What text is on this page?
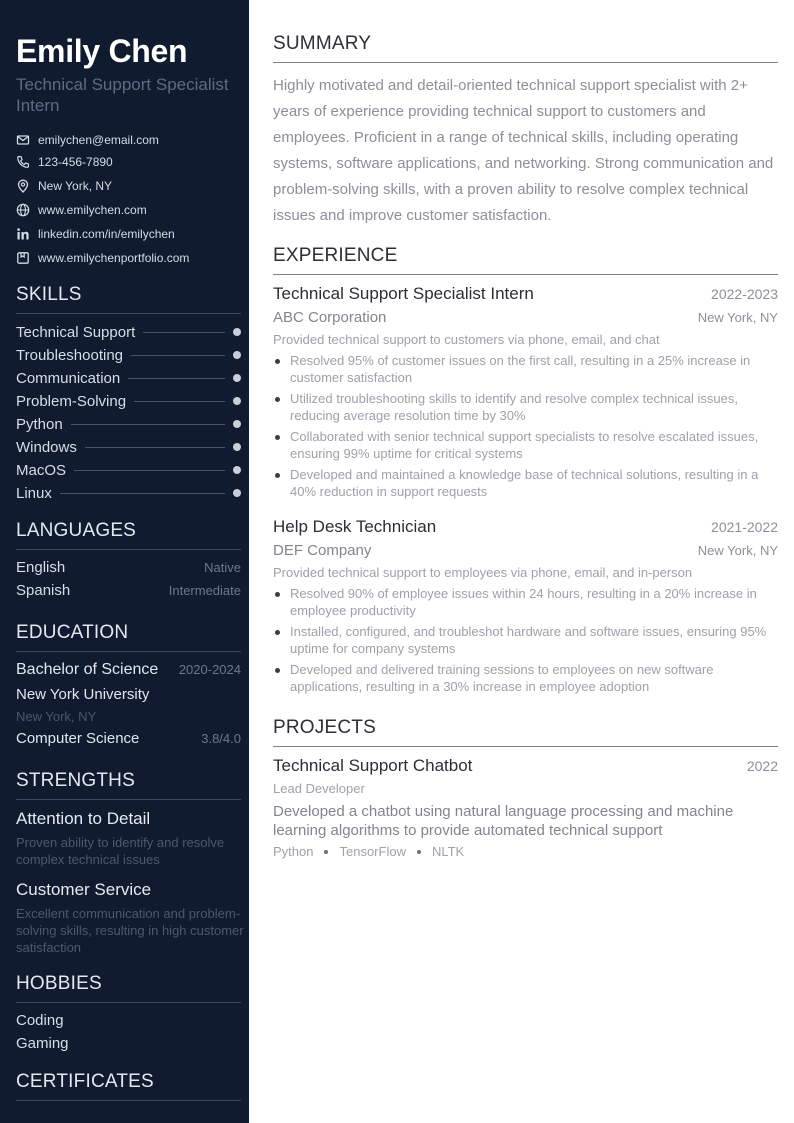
Emily Chen
Technical Support Specialist Intern
emilychen@email.com
123-456-7890
New York, NY
www.emilychen.com
linkedin.com/in/emilychen
www.emilychenportfolio.com
SKILLS
Technical Support
Troubleshooting
Communication
Problem-Solving
Python
Windows
MacOS
Linux
LANGUAGES
English	Native
Spanish	Intermediate
EDUCATION
Bachelor of Science 2020-2024
New York University
New York, NY
Computer Science	3.8/4.0
STRENGTHS
Attention to Detail
Proven ability to identify and resolve complex technical issues
Customer Service
Excellent communication and problem-solving skills, resulting in high customer satisfaction
HOBBIES
Coding
Gaming
CERTIFICATES
SUMMARY

Highly motivated and detail-oriented technical support specialist with 2+ years of experience providing technical support to customers and employees. Proficient in a range of technical skills, including operating systems, software applications, and networking. Strong communication and problem-solving skills, with a proven ability to resolve complex technical issues and improve customer satisfaction.

EXPERIENCE
Technical Support Specialist Intern	2022-2023
ABC Corporation	New York, NY
Provided technical support to customers via phone, email, and chat
Resolved 95% of customer issues on the first call, resulting in a 25% increase in customer satisfaction
Utilized troubleshooting skills to identify and resolve complex technical issues, reducing average resolution time by 30%
Collaborated with senior technical support specialists to resolve escalated issues, ensuring 99% uptime for critical systems
Developed and maintained a knowledge base of technical solutions, resulting in a 40% reduction in support requests
Help Desk Technician	2021-2022
DEF Company	New York, NY
Provided technical support to employees via phone, email, and in-person
Resolved 90% of employee issues within 24 hours, resulting in a 20% increase in employee productivity
Installed, configured, and troubleshot hardware and software issues, ensuring 95% uptime for company systems
Developed and delivered training sessions to employees on new software applications, resulting in a 30% increase in employee adoption
PROJECTS
Technical Support Chatbot	2022
Lead Developer
Developed a chatbot using natural language processing and machine learning algorithms to provide automated technical support
Python TensorFlow NLTK
